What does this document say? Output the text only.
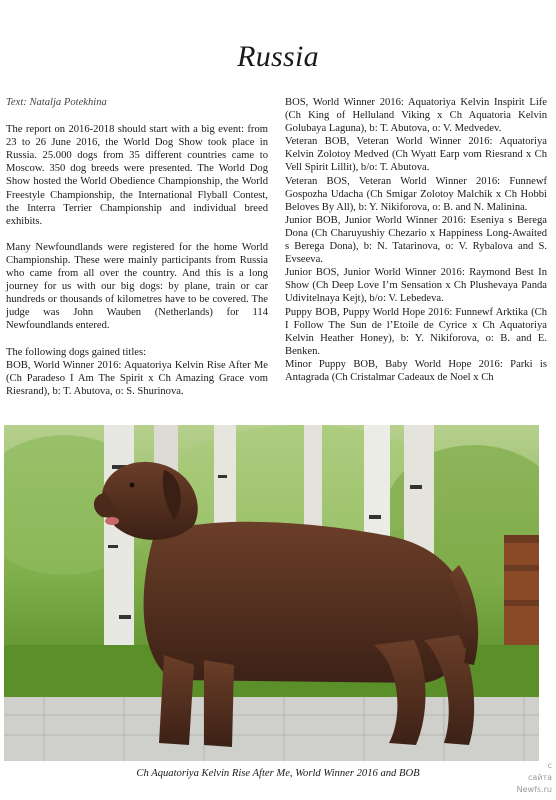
Russia
Text: Natalja Potekhina

The report on 2016-2018 should start with a big event: from 23 to 26 June 2016, the World Dog Show took place in Russia. 25.000 dogs from 35 different countries came to Moscow. 350 dog breeds were presented. The World Dog Show hosted the World Obedience Championship, the World Freestyle Championship, the International Flyball Contest, the Interra Terrier Championship and individual breed exhibits.

Many Newfoundlands were registered for the home World Championship. These were mainly participants from Russia who came from all over the country. And this is a long journey for us with our big dogs: by plane, train or car hundreds or thousands of kilometres have to be covered. The judge was John Wauben (Netherlands) for 114 Newfoundlands entered.

The following dogs gained titles:

BOB, World Winner 2016: Aquatoriya Kelvin Rise After Me (Ch Paradeso I Am The Spirit x Ch Amazing Grace vom Riesrand), b: T. Abutova, o: S. Shurinova.

BOS, World Winner 2016: Aquatoriya Kelvin Inspirit Life (Ch King of Helluland Viking x Ch Aquatoria Kelvin Golubaya Laguna), b: T. Abutova, o: V. Medvedev.

Veteran BOB, Veteran World Winner 2016: Aquatoriya Kelvin Zolotoy Medved (Ch Wyatt Earp vom Riesrand x Ch Vell Spirit Lillit), b/o: T. Abutova.

Veteran BOS, Veteran World Winner 2016: Funnewf Gospozha Udacha (Ch Smigar Zolotoy Malchik x Ch Hobbi Beloves By All), b: Y. Nikiforova, o: B. and N. Malinina.

Junior BOB, Junior World Winner 2016: Eseniya s Berega Dona (Ch Charuyushiy Chezario x Happiness Long-Awaited s Berega Dona), b: N. Tatarinova, o: V. Rybalova and S. Evseeva.

Junior BOS, Junior World Winner 2016: Raymond Best In Show (Ch Deep Love I’m Sensation x Ch Plushevaya Panda Udivitelnaya Kejt), b/o: V. Lebedeva.

Puppy BOB, Puppy World Hope 2016: Funnewf Arktika (Ch I Follow The Sun de l’Etoile de Cyrice x Ch Aquatoriya Kelvin Heather Honey), b: Y. Nikiforova, o: B. and E. Benken.

Minor Puppy BOB, Baby World Hope 2016: Parki is Antagrada (Ch Cristalmar Cadeaux de Noel x Ch

Ch Aquatoriya Kelvin Rise After Me, World Winner 2016 and BOB
с
сайта
Newfs.ru
